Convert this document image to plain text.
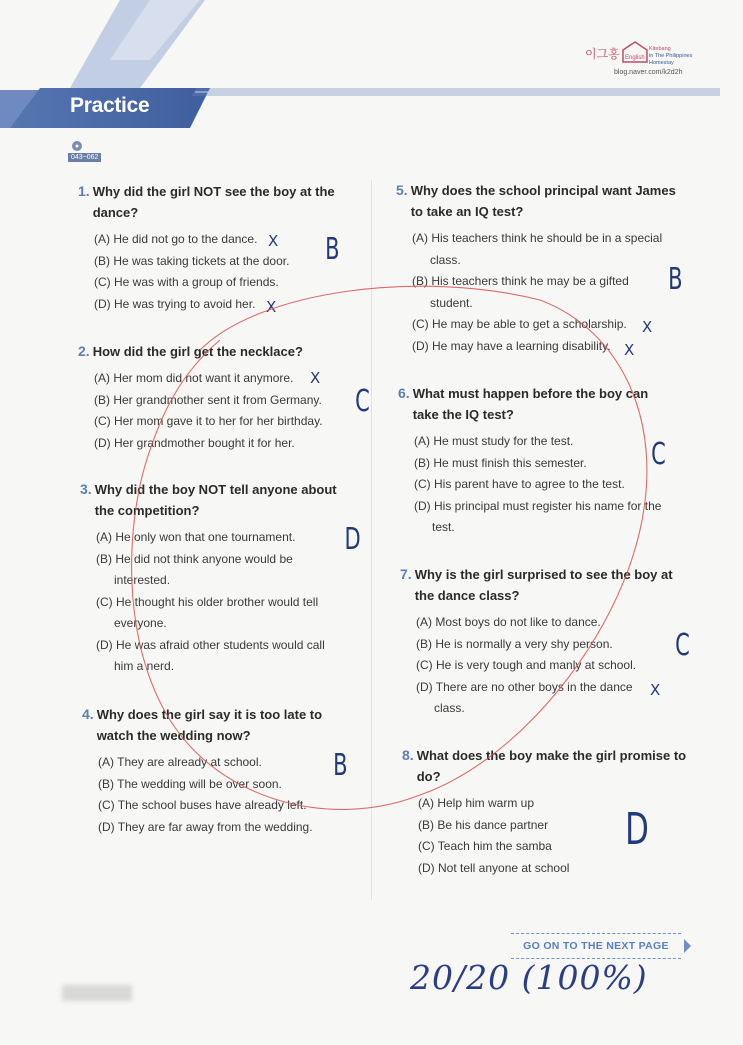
Practice
043~062
이그홍 English
Kitebang
in The Philippines
Homestay
blog.naver.com/k2d2h
1. Why did the girl NOT see the boy at the dance?
(A) He did not go to the dance.
(B) He was taking tickets at the door.
(C) He was with a group of friends.
(D) He was trying to avoid her.
2. How did the girl get the necklace?
(A) Her mom did not want it anymore.
(B) Her grandmother sent it from Germany.
(C) Her mom gave it to her for her birthday.
(D) Her grandmother bought it for her.
3. Why did the boy NOT tell anyone about the competition?
(A) He only won that one tournament.
(B) He did not think anyone would be interested.
(C) He thought his older brother would tell everyone.
(D) He was afraid other students would call him a nerd.
4. Why does the girl say it is too late to watch the wedding now?
(A) They are already at school.
(B) The wedding will be over soon.
(C) The school buses have already left.
(D) They are far away from the wedding.
5. Why does the school principal want James to take an IQ test?
(A) His teachers think he should be in a special class.
(B) His teachers think he may be a gifted student.
(C) He may be able to get a scholarship.
(D) He may have a learning disability.
6. What must happen before the boy can take the IQ test?
(A) He must study for the test.
(B) He must finish this semester.
(C) His parent have to agree to the test.
(D) His principal must register his name for the test.
7. Why is the girl surprised to see the boy at the dance class?
(A) Most boys do not like to dance.
(B) He is normally a very shy person.
(C) He is very tough and manly at school.
(D) There are no other boys in the dance class.
8. What does the boy make the girl promise to do?
(A) Help him warm up
(B) Be his dance partner
(C) Teach him the samba
(D) Not tell anyone at school
B
C
D
B
B
C
C
D
X
X
X
X
X
X
GO ON TO THE NEXT PAGE
20/20 (100%)
